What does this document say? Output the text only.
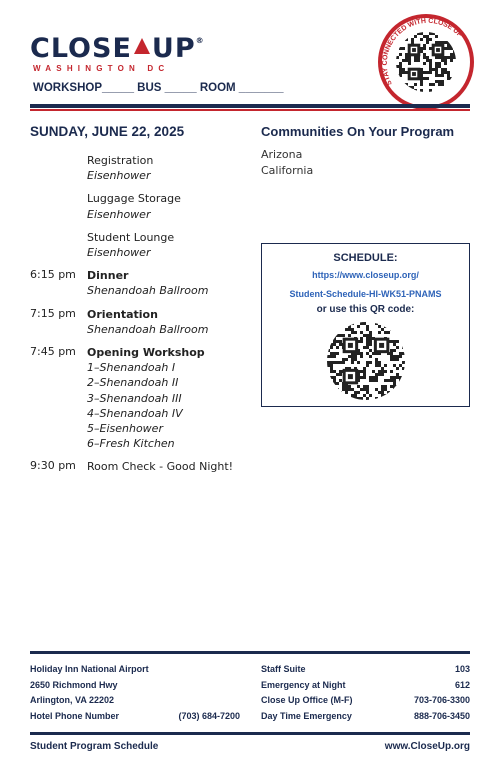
CLOSE UP®
WASHINGTON DC
WORKSHOP_____ BUS _____ ROOM _______	STAY CONNECTED WITH CLOSE UP
SUNDAY, JUNE 22, 2025
Registration
Eisenhower
Luggage Storage
Eisenhower
Student Lounge
Eisenhower
6:15 pm Dinner
Shenandoah Ballroom
7:15 pm Orientation
Shenandoah Ballroom
7:45 pm Opening Workshop
1–Shenandoah I
2–Shenandoah II
3–Shenandoah III
4–Shenandoah IV
5–Eisenhower
6–Fresh Kitchen
9:30 pm Room Check - Good Night!
Communities On Your Program
Arizona
California
SCHEDULE:
https://www.closeup.org/
Student-Schedule-HI-WK51-PNAMS
or use this QR code:
Holiday Inn National Airport
2650 Richmond Hwy
Arlington, VA 22202
Hotel Phone Number	(703) 684-7200
Staff Suite	103
Emergency at Night	612
Close Up Office (M-F)	703-706-3300
Day Time Emergency	888-706-3450
Student Program Schedule	www.CloseUp.org
